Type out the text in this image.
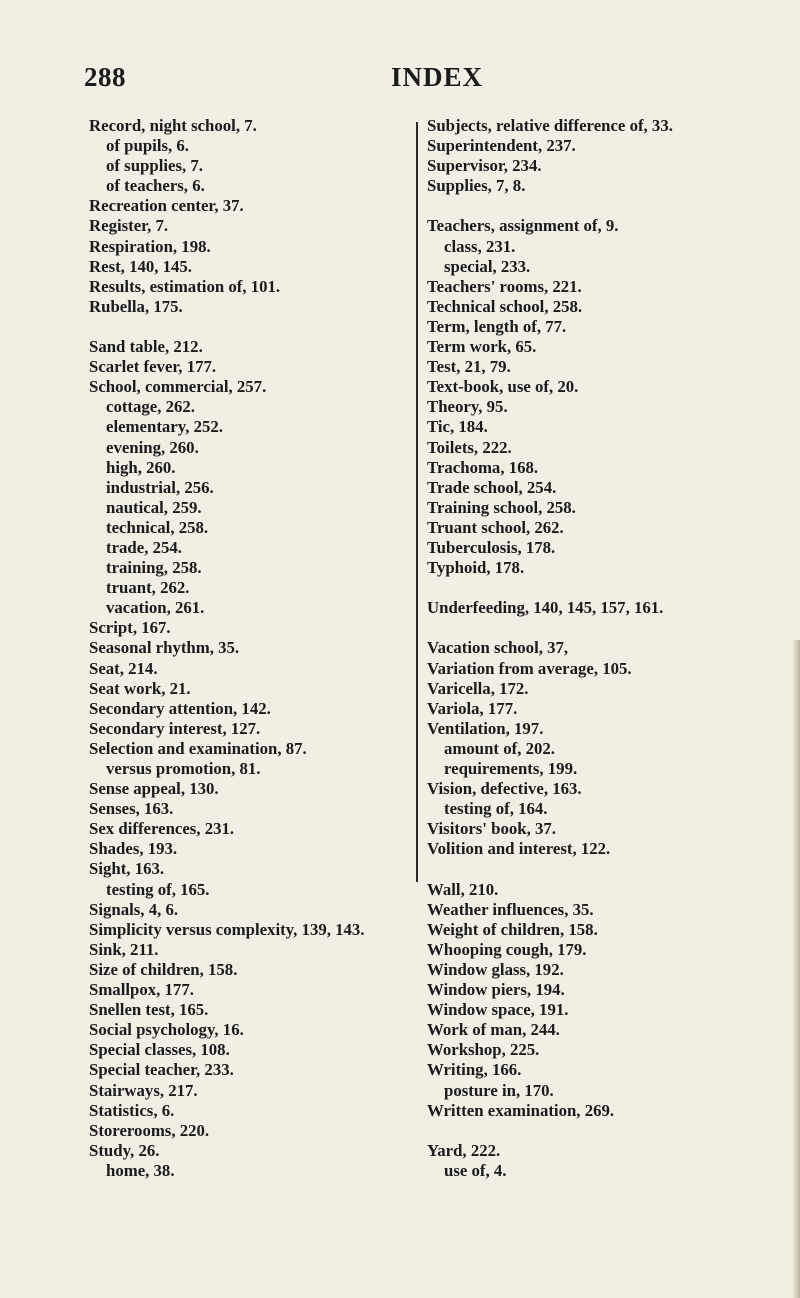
288	INDEX
Record, night school, 7.
of pupils, 6.
of supplies, 7.
of teachers, 6.
Recreation center, 37.
Register, 7.
Respiration, 198.
Rest, 140, 145.
Results, estimation of, 101.
Rubella, 175.
Sand table, 212.
Scarlet fever, 177.
School, commercial, 257.
cottage, 262.
elementary, 252.
evening, 260.
high, 260.
industrial, 256.
nautical, 259.
technical, 258.
trade, 254.
training, 258.
truant, 262.
vacation, 261.
Script, 167.
Seasonal rhythm, 35.
Seat, 214.
Seat work, 21.
Secondary attention, 142.
Secondary interest, 127.
Selection and examination, 87.
versus promotion, 81.
Sense appeal, 130.
Senses, 163.
Sex differences, 231.
Shades, 193.
Sight, 163.
testing of, 165.
Signals, 4, 6.
Simplicity versus complexity, 139, 143.
Sink, 211.
Size of children, 158.
Smallpox, 177.
Snellen test, 165.
Social psychology, 16.
Special classes, 108.
Special teacher, 233.
Stairways, 217.
Statistics, 6.
Storerooms, 220.
Study, 26.
home, 38.
Subjects, relative difference of, 33.
Superintendent, 237.
Supervisor, 234.
Supplies, 7, 8.
Teachers, assignment of, 9.
class, 231.
special, 233.
Teachers' rooms, 221.
Technical school, 258.
Term, length of, 77.
Term work, 65.
Test, 21, 79.
Text-book, use of, 20.
Theory, 95.
Tic, 184.
Toilets, 222.
Trachoma, 168.
Trade school, 254.
Training school, 258.
Truant school, 262.
Tuberculosis, 178.
Typhoid, 178.
Underfeeding, 140, 145, 157, 161.
Vacation school, 37,
Variation from average, 105.
Varicella, 172.
Variola, 177.
Ventilation, 197.
amount of, 202.
requirements, 199.
Vision, defective, 163.
testing of, 164.
Visitors' book, 37.
Volition and interest, 122.
Wall, 210.
Weather influences, 35.
Weight of children, 158.
Whooping cough, 179.
Window glass, 192.
Window piers, 194.
Window space, 191.
Work of man, 244.
Workshop, 225.
Writing, 166.
posture in, 170.
Written examination, 269.
Yard, 222.
use of, 4.
